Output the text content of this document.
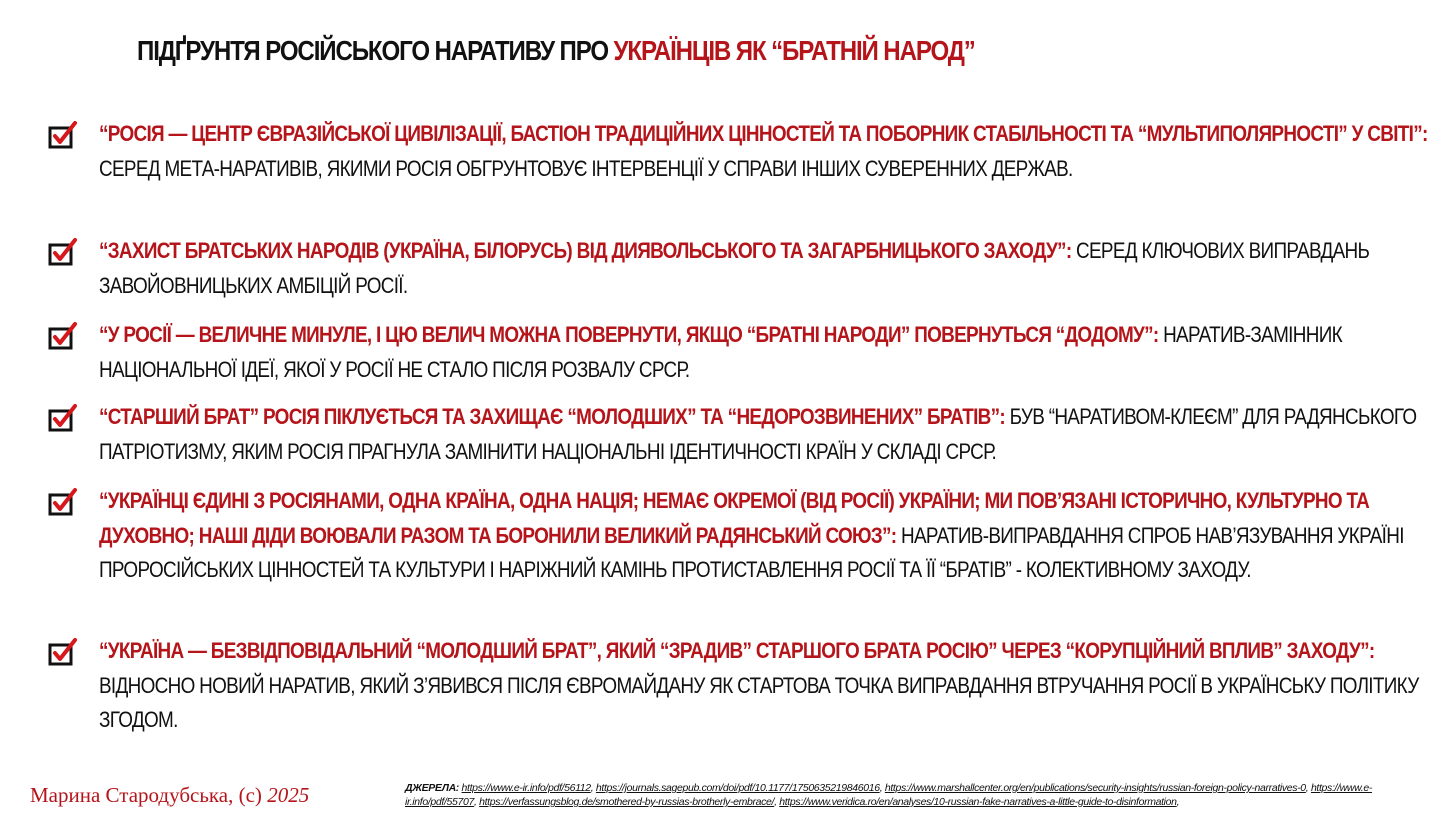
ПІДҐРУНТЯ РОСІЙСЬКОГО НАРАТИВУ ПРО УКРАЇНЦІВ ЯК “БРАТНІЙ НАРОД”
“РОСІЯ — ЦЕНТР ЄВРАЗІЙСЬКОЇ ЦИВІЛІЗАЦІЇ, БАСТІОН ТРАДИЦІЙНИХ ЦІННОСТЕЙ ТА ПОБОРНИК СТАБІЛЬНОСТІ ТА “МУЛЬТИПОЛЯРНОСТІ” У СВІТІ”: СЕРЕД МЕТА-НАРАТИВІВ, ЯКИМИ РОСІЯ ОБГРУНТОВУЄ ІНТЕРВЕНЦІЇ У СПРАВИ ІНШИХ СУВЕРЕННИХ ДЕРЖАВ.
“ЗАХИСТ БРАТСЬКИХ НАРОДІВ (УКРАЇНА, БІЛОРУСЬ) ВІД ДИЯВОЛЬСЬКОГО ТА ЗАГАРБНИЦЬКОГО ЗАХОДУ”: СЕРЕД КЛЮЧОВИХ ВИПРАВДАНЬ ЗАВОЙОВНИЦЬКИХ АМБІЦІЙ РОСІЇ.
“У РОСІЇ — ВЕЛИЧНЕ МИНУЛЕ, І ЦЮ ВЕЛИЧ МОЖНА ПОВЕРНУТИ, ЯКЩО “БРАТНІ НАРОДИ” ПОВЕРНУТЬСЯ “ДОДОМУ”: НАРАТИВ-ЗАМІННИК НАЦІОНАЛЬНОЇ ІДЕЇ, ЯКОЇ У РОСІЇ НЕ СТАЛО ПІСЛЯ РОЗВАЛУ СРСР.
“СТАРШИЙ БРАТ” РОСІЯ ПІКЛУЄТЬСЯ ТА ЗАХИЩАЄ “МОЛОДШИХ” ТА “НЕДОРОЗВИНЕНИХ” БРАТІВ”: БУВ “НАРАТИВОМ-КЛЕЄМ” ДЛЯ РАДЯНСЬКОГО ПАТРІОТИЗМУ, ЯКИМ РОСІЯ ПРАГНУЛА ЗАМІНИТИ НАЦІОНАЛЬНІ ІДЕНТИЧНОСТІ КРАЇН У СКЛАДІ СРСР.
“УКРАЇНЦІ ЄДИНІ З РОСІЯНАМИ, ОДНА КРАЇНА, ОДНА НАЦІЯ; НЕМАЄ ОКРЕМОЇ (ВІД РОСІЇ) УКРАЇНИ; МИ ПОВ’ЯЗАНІ ІСТОРИЧНО, КУЛЬТУРНО ТА ДУХОВНО; НАШІ ДІДИ ВОЮВАЛИ РАЗОМ ТА БОРОНИЛИ ВЕЛИКИЙ РАДЯНСЬКИЙ СОЮЗ”: НАРАТИВ-ВИПРАВДАННЯ СПРОБ НАВ’ЯЗУВАННЯ УКРАЇНІ ПРОРОСІЙСЬКИХ ЦІННОСТЕЙ ТА КУЛЬТУРИ І НАРІЖНИЙ КАМІНЬ ПРОТИСТАВЛЕННЯ РОСІЇ ТА ЇЇ “БРАТІВ” - КОЛЕКТИВНОМУ ЗАХОДУ.
“УКРАЇНА — БЕЗВІДПОВІДАЛЬНИЙ “МОЛОДШИЙ БРАТ”, ЯКИЙ “ЗРАДИВ” СТАРШОГО БРАТА РОСІЮ” ЧЕРЕЗ “КОРУПЦІЙНИЙ ВПЛИВ” ЗАХОДУ”: ВІДНОСНО НОВИЙ НАРАТИВ, ЯКИЙ З’ЯВИВСЯ ПІСЛЯ ЄВРОМАЙДАНУ ЯК СТАРТОВА ТОЧКА ВИПРАВДАННЯ ВТРУЧАННЯ РОСІЇ В УКРАЇНСЬКУ ПОЛІТИКУ ЗГОДОМ.
Марина Стародубська, (с) 2025	ДЖЕРЕЛА: https://www.e-ir.info/pdf/56112, https://journals.sagepub.com/doi/pdf/10.1177/1750635219846016, https://www.marshallcenter.org/en/publications/security-insights/russian-foreign-policy-narratives-0, https://www.e-ir.info/pdf/55707, https://verfassungsblog.de/smothered-by-russias-brotherly-embrace/, https://www.veridica.ro/en/analyses/10-russian-fake-narratives-a-little-guide-to-disinformation,
